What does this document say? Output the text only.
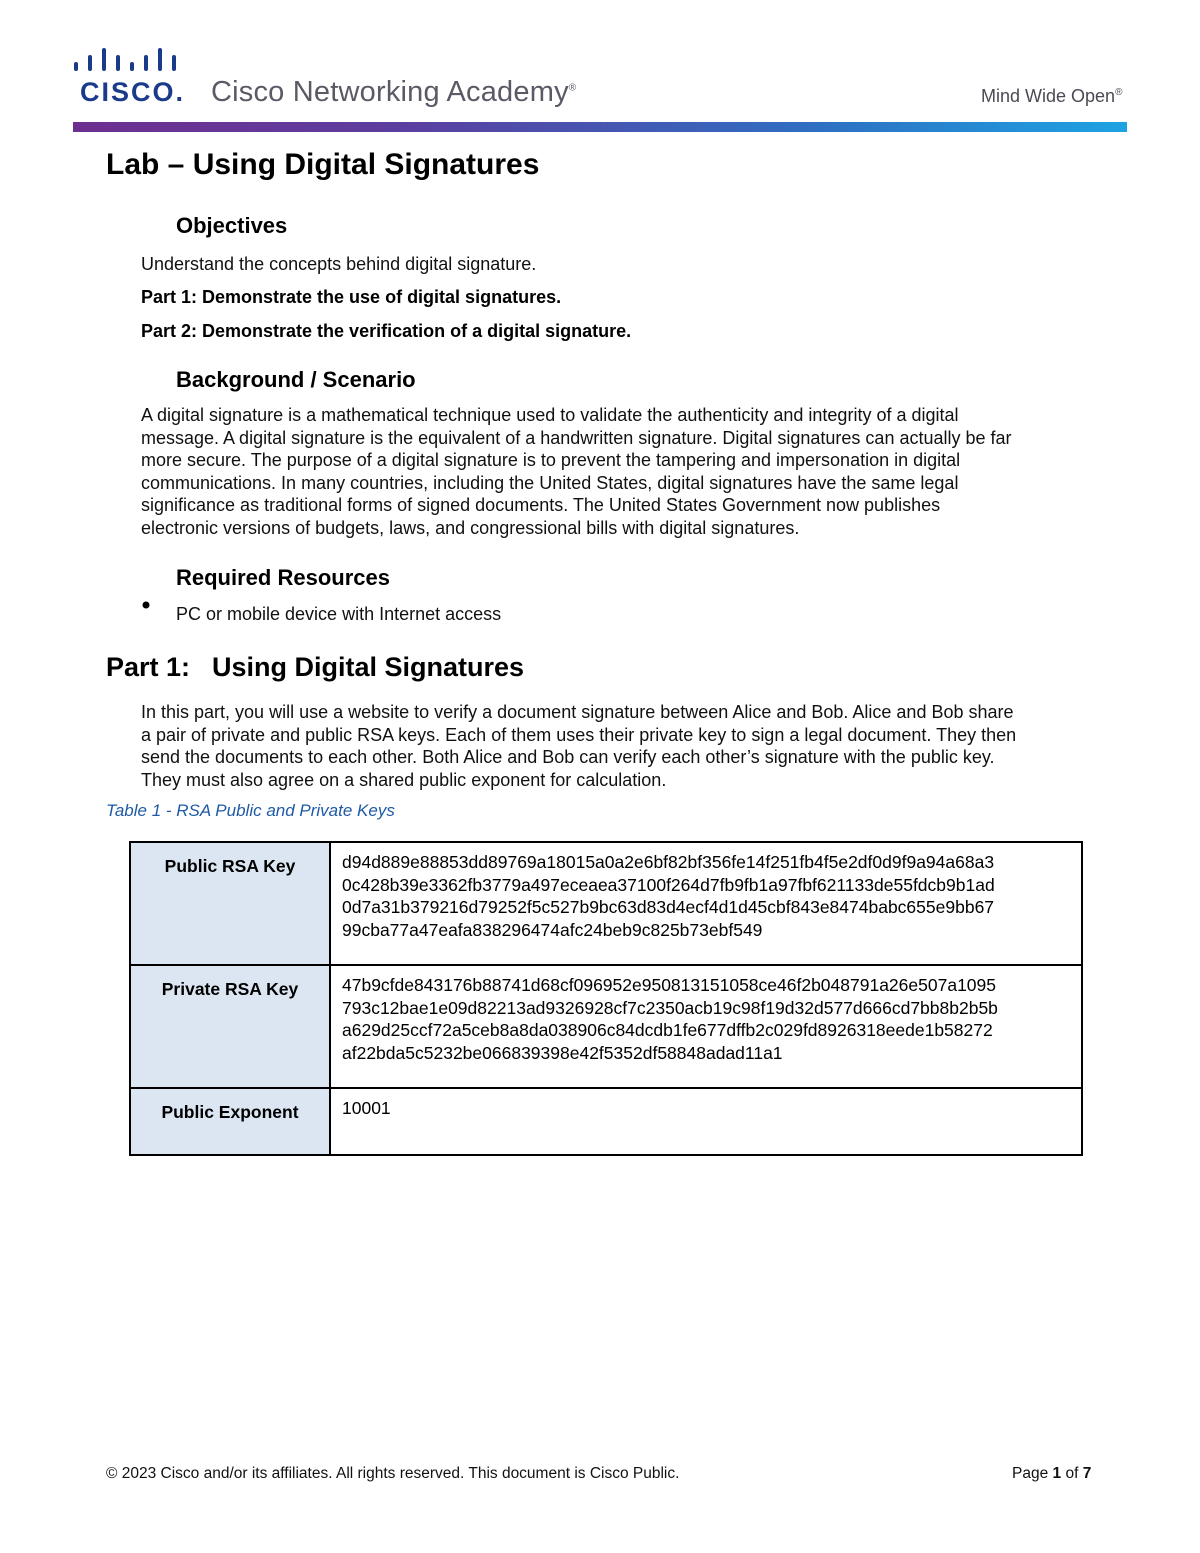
CISCO. Cisco Networking Academy®	Mind Wide Open®
Lab – Using Digital Signatures
Objectives
Understand the concepts behind digital signature.
Part 1: Demonstrate the use of digital signatures.
Part 2: Demonstrate the verification of a digital signature.
Background / Scenario
A digital signature is a mathematical technique used to validate the authenticity and integrity of a digital
message. A digital signature is the equivalent of a handwritten signature. Digital signatures can actually be far
more secure. The purpose of a digital signature is to prevent the tampering and impersonation in digital
communications. In many countries, including the United States, digital signatures have the same legal
significance as traditional forms of signed documents. The United States Government now publishes
electronic versions of budgets, laws, and congressional bills with digital signatures.
Required Resources
PC or mobile device with Internet access
Part 1: Using Digital Signatures
In this part, you will use a website to verify a document signature between Alice and Bob. Alice and Bob share
a pair of private and public RSA keys. Each of them uses their private key to sign a legal document. They then
send the documents to each other. Both Alice and Bob can verify each other’s signature with the public key.
They must also agree on a shared public exponent for calculation.
Table 1 - RSA Public and Private Keys
Public RSA Key	d94d889e88853dd89769a18015a0a2e6bf82bf356fe14f251fb4f5e2df0d9f9a94a68a3
0c428b39e3362fb3779a497eceaea37100f264d7fb9fb1a97fbf621133de55fdcb9b1ad
0d7a31b379216d79252f5c527b9bc63d83d4ecf4d1d45cbf843e8474babc655e9bb67
99cba77a47eafa838296474afc24beb9c825b73ebf549

Private RSA Key	47b9cfde843176b88741d68cf096952e950813151058ce46f2b048791a26e507a1095
793c12bae1e09d82213ad9326928cf7c2350acb19c98f19d32d577d666cd7bb8b2b5b
a629d25ccf72a5ceb8a8da038906c84dcdb1fe677dffb2c029fd8926318eede1b58272
af22bda5c5232be066839398e42f5352df58848adad11a1

Public Exponent	10001
© 2023 Cisco and/or its affiliates. All rights reserved. This document is Cisco Public.	Page 1 of 7
